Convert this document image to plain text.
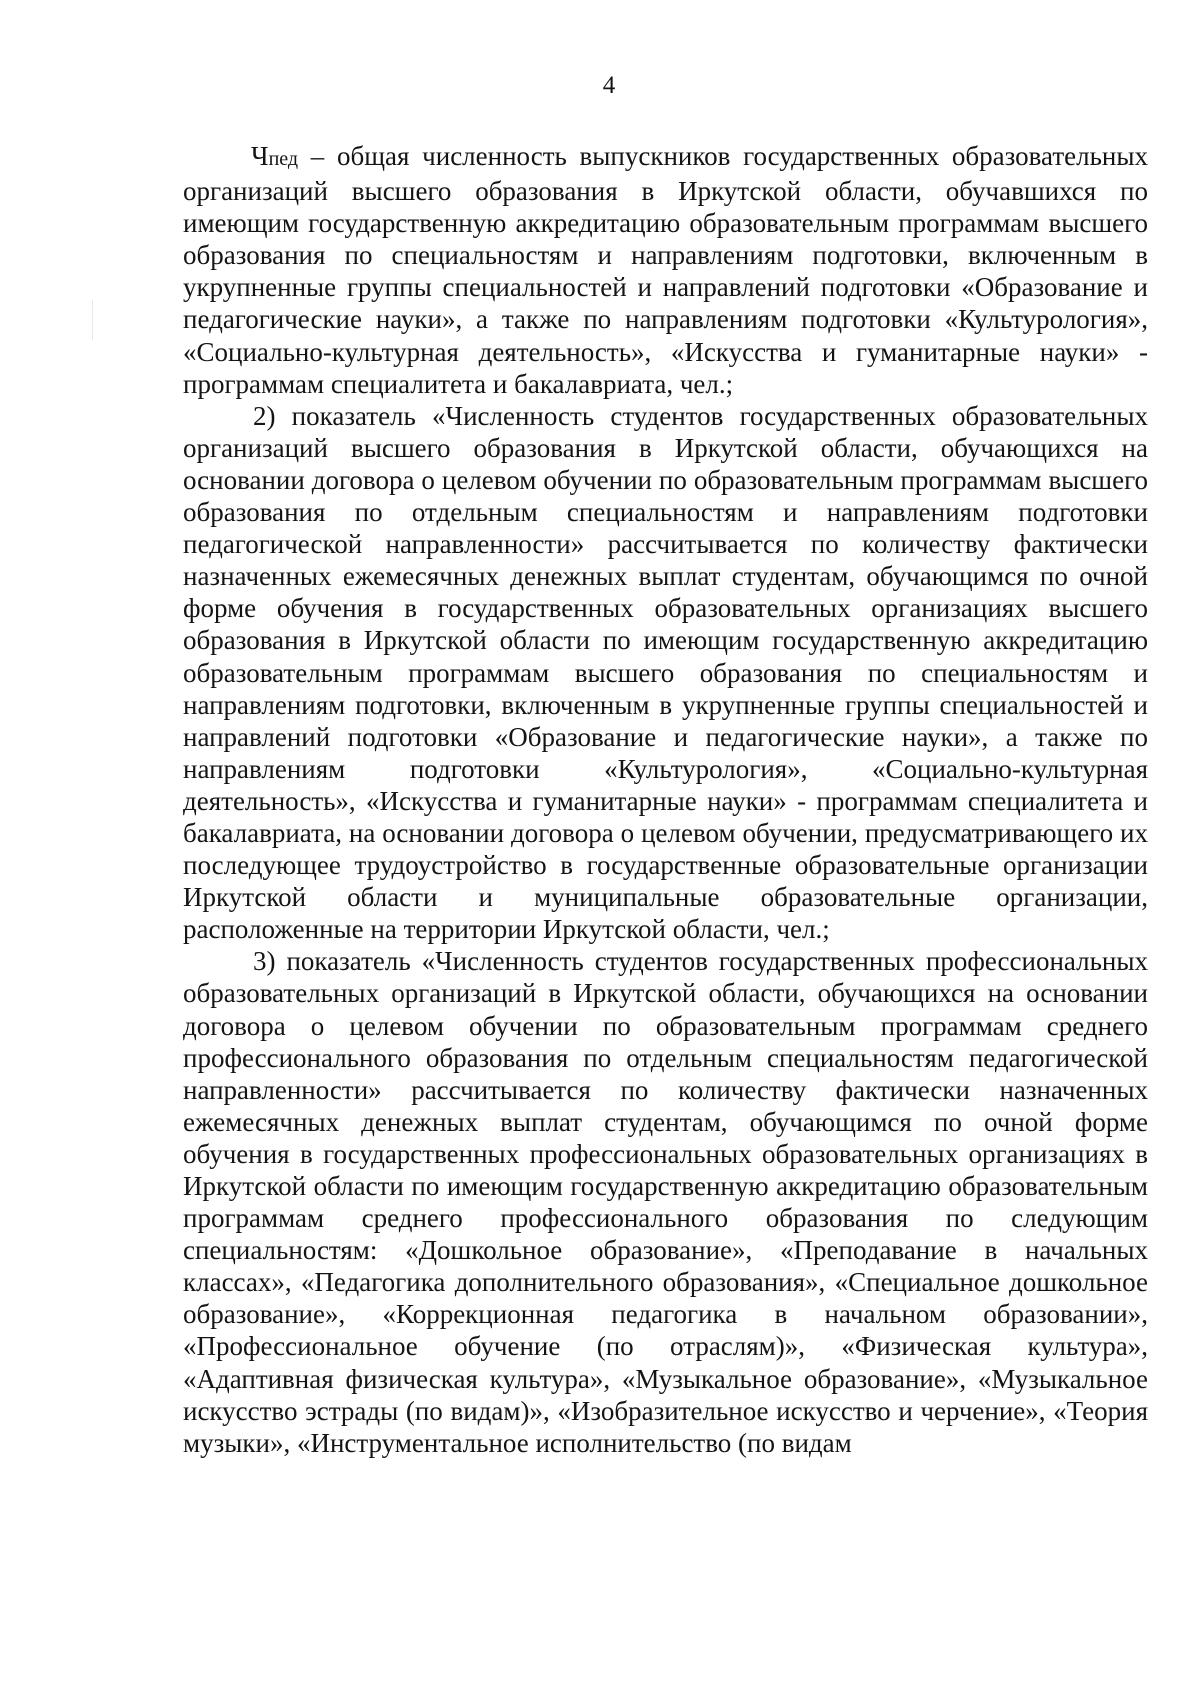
4

Чпед – общая численность выпускников государственных образовательных организаций высшего образования в Иркутской области, обучавшихся по имеющим государственную аккредитацию образовательным программам высшего образования по специальностям и направлениям подготовки, включенным в укрупненные группы специальностей и направлений подготовки «Образование и педагогические науки», а также по направлениям подготовки «Культурология», «Социально-культурная деятельность», «Искусства и гуманитарные науки» - программам специалитета и бакалавриата, чел.;

2) показатель «Численность студентов государственных образовательных организаций высшего образования в Иркутской области, обучающихся на основании договора о целевом обучении по образовательным программам высшего образования по отдельным специальностям и направлениям подготовки педагогической направленности» рассчитывается по количеству фактически назначенных ежемесячных денежных выплат студентам, обучающимся по очной форме обучения в государственных образовательных организациях высшего образования в Иркутской области по имеющим государственную аккредитацию образовательным программам высшего образования по специальностям и направлениям подготовки, включенным в укрупненные группы специальностей и направлений подготовки «Образование и педагогические науки», а также по направлениям подготовки «Культурология», «Социально-культурная деятельность», «Искусства и гуманитарные науки» - программам специалитета и бакалавриата, на основании договора о целевом обучении, предусматривающего их последующее трудоустройство в государственные образовательные организации Иркутской области и муниципальные образовательные организации, расположенные на территории Иркутской области, чел.;

3) показатель «Численность студентов государственных профессиональных образовательных организаций в Иркутской области, обучающихся на основании договора о целевом обучении по образовательным программам среднего профессионального образования по отдельным специальностям педагогической направленности» рассчитывается по количеству фактически назначенных ежемесячных денежных выплат студентам, обучающимся по очной форме обучения в государственных профессиональных образовательных организациях в Иркутской области по имеющим государственную аккредитацию образовательным программам среднего профессионального образования по следующим специальностям: «Дошкольное образование», «Преподавание в начальных классах», «Педагогика дополнительного образования», «Специальное дошкольное образование», «Коррекционная педагогика в начальном образовании», «Профессиональное обучение (по отраслям)», «Физическая культура», «Адаптивная физическая культура», «Музыкальное образование», «Музыкальное искусство эстрады (по видам)», «Изобразительное искусство и черчение», «Теория музыки», «Инструментальное исполнительство (по видам
